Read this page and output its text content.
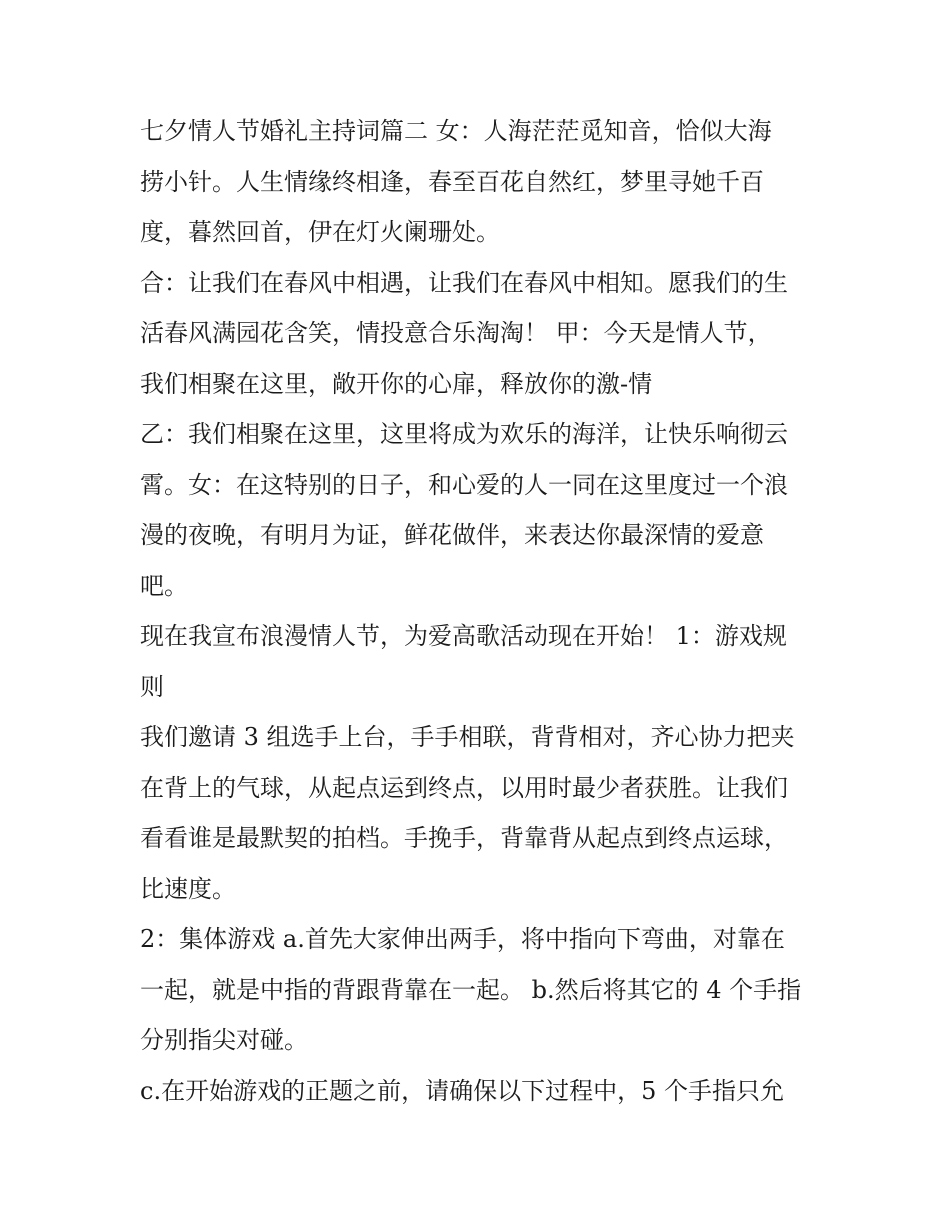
七夕情人节婚礼主持词篇二 女：人海茫茫觅知音，恰似大海
捞小针。人生情缘终相逢，春至百花自然红，梦里寻她千百
度，暮然回首，伊在灯火阑珊处。
合：让我们在春风中相遇，让我们在春风中相知。愿我们的生
活春风满园花含笑，情投意合乐淘淘！ 甲：今天是情人节，
我们相聚在这里，敞开你的心扉，释放你的激-情
乙：我们相聚在这里，这里将成为欢乐的海洋，让快乐响彻云
霄。女：在这特别的日子，和心爱的人一同在这里度过一个浪
漫的夜晚，有明月为证，鲜花做伴，来表达你最深情的爱意
吧。
现在我宣布浪漫情人节，为爱高歌活动现在开始！ 1：游戏规
则
我们邀请 3 组选手上台，手手相联，背背相对，齐心协力把夹
在背上的气球，从起点运到终点，以用时最少者获胜。让我们
看看谁是最默契的拍档。手挽手，背靠背从起点到终点运球，
比速度。
2：集体游戏 a.首先大家伸出两手，将中指向下弯曲，对靠在
一起，就是中指的背跟背靠在一起。 b.然后将其它的 4 个手指
分别指尖对碰。
c.在开始游戏的正题之前，请确保以下过程中，5 个手指只允
